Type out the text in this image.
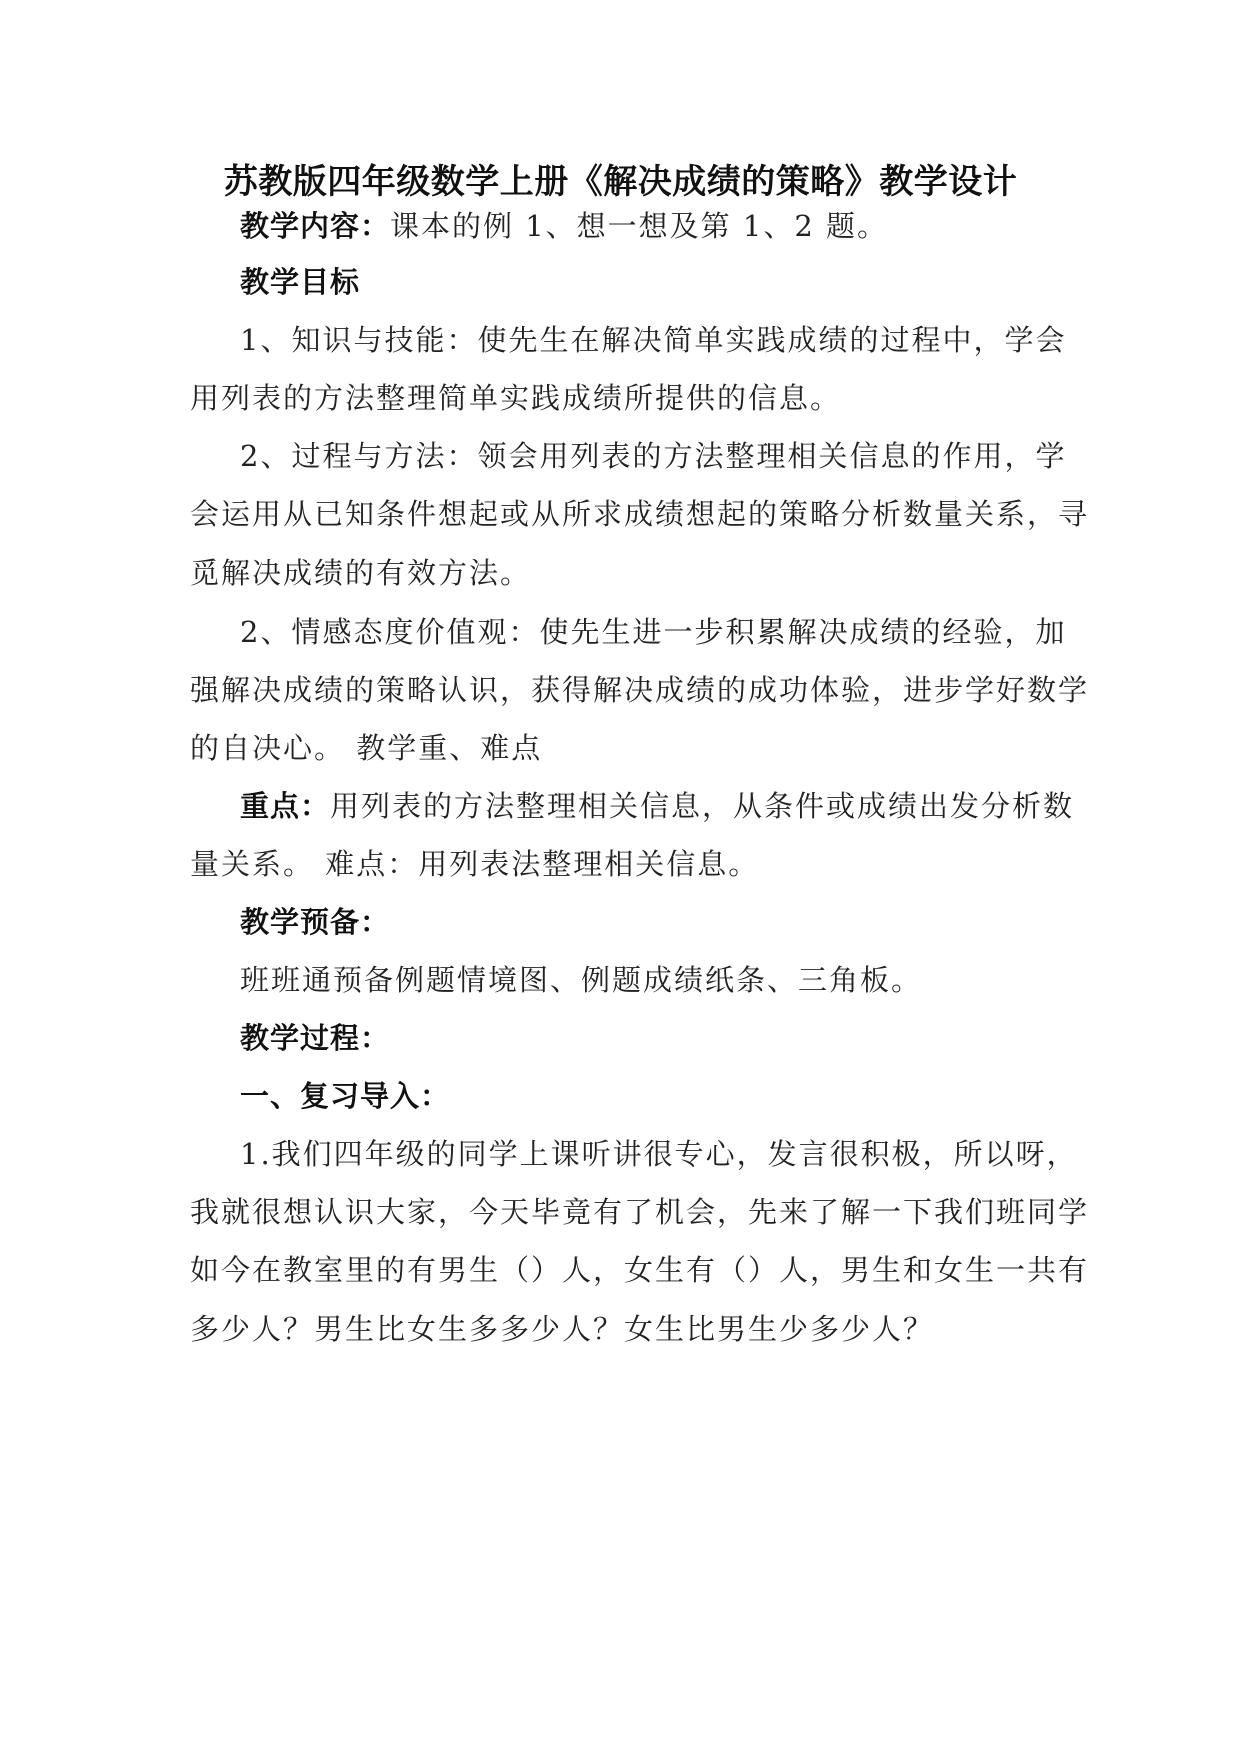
苏教版四年级数学上册《解决成绩的策略》教学设计
教学内容：课本的例 1、想一想及第 1、2 题。
教学目标
1、知识与技能：使先生在解决简单实践成绩的过程中，学会
用列表的方法整理简单实践成绩所提供的信息。
2、过程与方法：领会用列表的方法整理相关信息的作用，学
会运用从已知条件想起或从所求成绩想起的策略分析数量关系，寻
觅解决成绩的有效方法。
2、情感态度价值观：使先生进一步积累解决成绩的经验，加
强解决成绩的策略认识，获得解决成绩的成功体验，进步学好数学
的自决心。 教学重、难点
重点：用列表的方法整理相关信息，从条件或成绩出发分析数
量关系。 难点：用列表法整理相关信息。
教学预备：
班班通预备例题情境图、例题成绩纸条、三角板。
教学过程：
一、复习导入：
1.我们四年级的同学上课听讲很专心，发言很积极，所以呀，
我就很想认识大家，今天毕竟有了机会，先来了解一下我们班同学
如今在教室里的有男生（）人，女生有（）人，男生和女生一共有
多少人？男生比女生多多少人？女生比男生少多少人？
